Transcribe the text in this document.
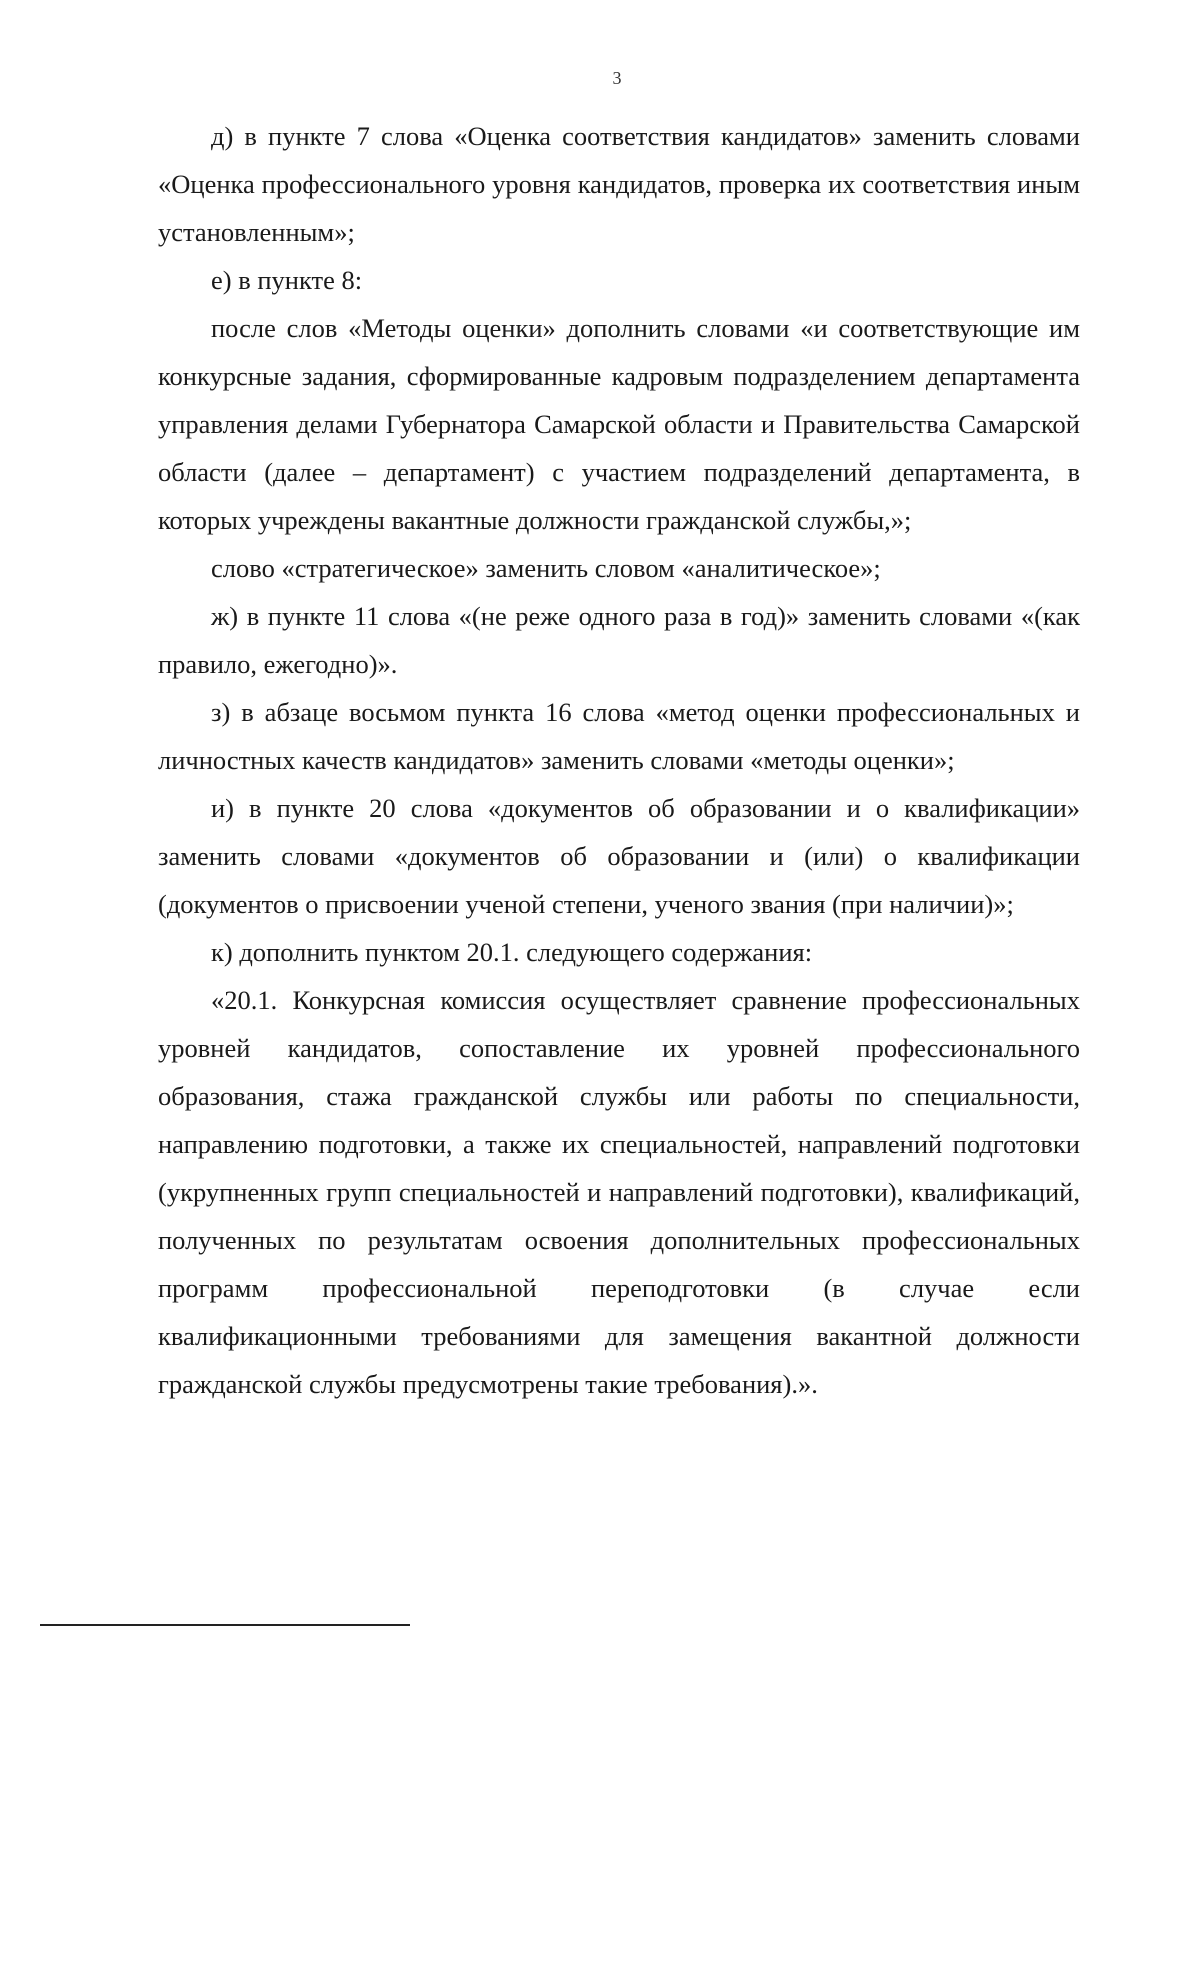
3

д) в пункте 7 слова «Оценка соответствия кандидатов» заменить словами «Оценка профессионального уровня кандидатов, проверка их соответствия иным установленным»;

е) в пункте 8:

после слов «Методы оценки» дополнить словами «и соответствующие им конкурсные задания, сформированные кадровым подразделением департамента управления делами Губернатора Самарской области и Правительства Самарской области (далее – департамент) с участием подразделений департамента, в которых учреждены вакантные должности гражданской службы,»;

слово «стратегическое» заменить словом «аналитическое»;

ж) в пункте 11 слова «(не реже одного раза в год)» заменить словами «(как правило, ежегодно)».

з) в абзаце восьмом пункта 16 слова «метод оценки профессиональных и личностных качеств кандидатов» заменить словами «методы оценки»;

и) в пункте 20 слова «документов об образовании и о квалификации» заменить словами «документов об образовании и (или) о квалификации (документов о присвоении ученой степени, ученого звания (при наличии)»;

к) дополнить пунктом 20.1. следующего содержания:

«20.1. Конкурсная комиссия осуществляет сравнение профессиональных уровней кандидатов, сопоставление их уровней профессионального образования, стажа гражданской службы или работы по специальности, направлению подготовки, а также их специальностей, направлений подготовки (укрупненных групп специальностей и направлений подготовки), квалификаций, полученных по результатам освоения дополнительных профессиональных программ профессиональной переподготовки (в случае если квалификационными требованиями для замещения вакантной должности гражданской службы предусмотрены такие требования).».
